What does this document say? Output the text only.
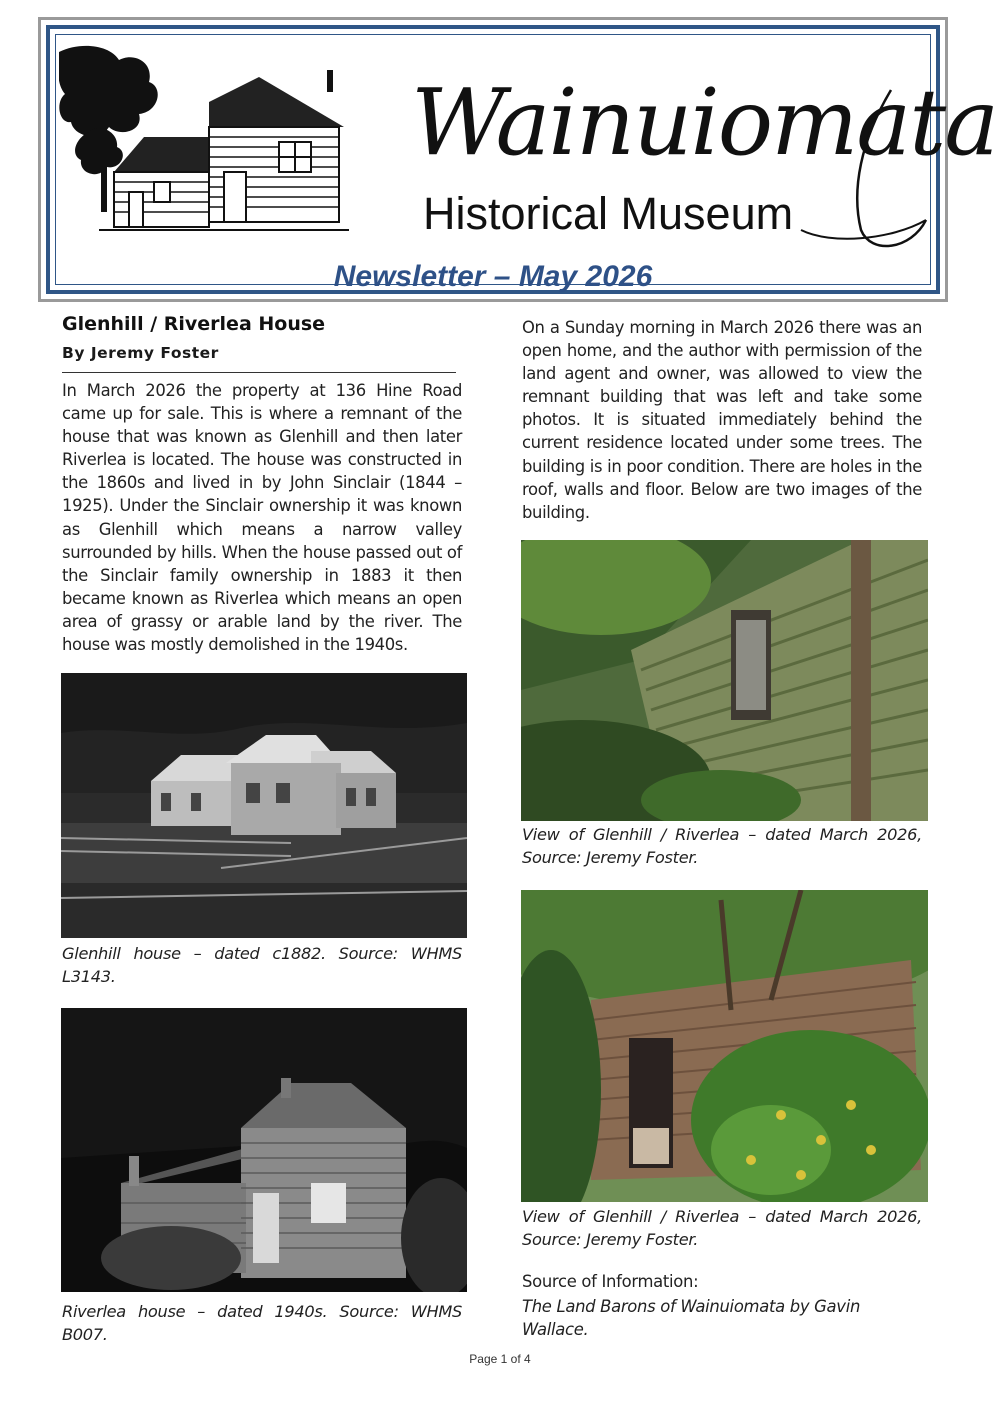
Wainuiomata
Historical Museum
Newsletter – May 2026
Glenhill / Riverlea House
By Jeremy Foster

In March 2026 the property at 136 Hine Road came up for sale. This is where a remnant of the house that was known as Glenhill and then later Riverlea is located. The house was constructed in the 1860s and lived in by John Sinclair (1844 – 1925). Under the Sinclair ownership it was known as Glenhill which means a narrow valley surrounded by hills. When the house passed out of the Sinclair family ownership in 1883 it then became known as Riverlea which means an open area of grassy or arable land by the river. The house was mostly demolished in the 1940s.

Glenhill house – dated c1882. Source: WHMS L3143.
Riverlea house – dated 1940s. Source: WHMS B007.

On a Sunday morning in March 2026 there was an open home, and the author with permission of the land agent and owner, was allowed to view the remnant building that was left and take some photos. It is situated immediately behind the current residence located under some trees. The building is in poor condition. There are holes in the roof, walls and floor. Below are two images of the building.

View of Glenhill / Riverlea – dated March 2026, Source: Jeremy Foster.
View of Glenhill / Riverlea – dated March 2026, Source: Jeremy Foster.
Source of Information:
The Land Barons of Wainuiomata by Gavin Wallace.
Page 1 of 4
